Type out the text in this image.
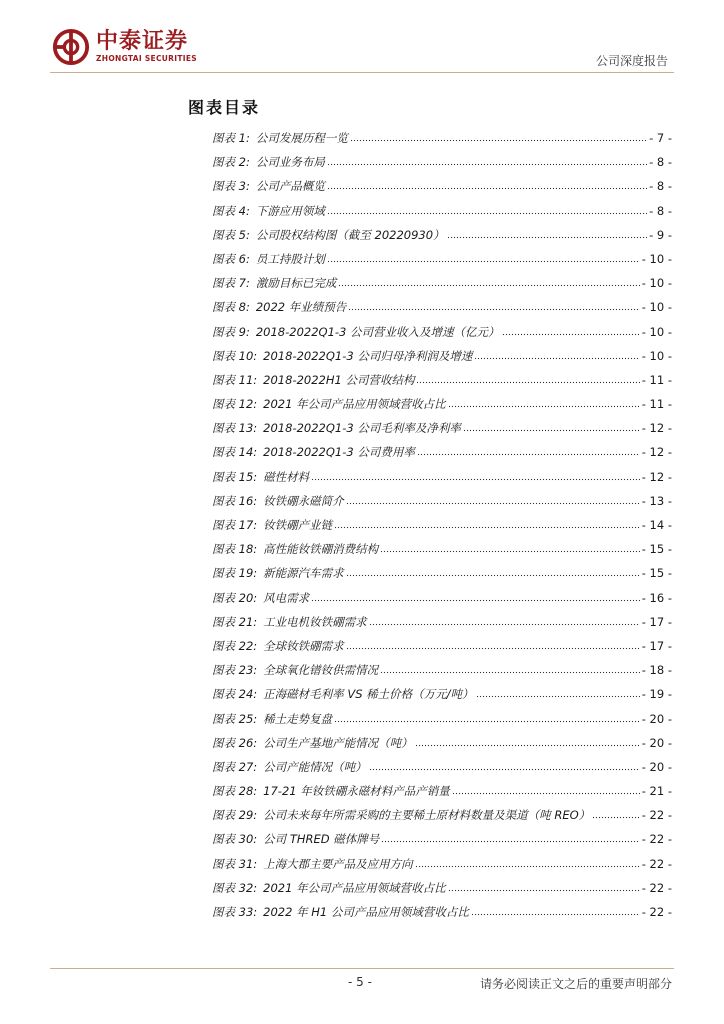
中泰证券
ZHONGTAI SECURITIES	公司深度报告
图表目录
图表 1: 公司发展历程一览	- 7 -
图表 2: 公司业务布局	- 8 -
图表 3: 公司产品概览	- 8 -
图表 4: 下游应用领域	- 8 -
图表 5: 公司股权结构图（截至 20220930）	- 9 -
图表 6: 员工持股计划	- 10 -
图表 7: 激励目标已完成	- 10 -
图表 8: 2022 年业绩预告	- 10 -
图表 9: 2018-2022Q1-3 公司营业收入及增速（亿元）	- 10 -
图表 10: 2018-2022Q1-3 公司归母净利润及增速	- 10 -
图表 11: 2018-2022H1 公司营收结构	- 11 -
图表 12: 2021 年公司产品应用领域营收占比	- 11 -
图表 13: 2018-2022Q1-3 公司毛利率及净利率	- 12 -
图表 14: 2018-2022Q1-3 公司费用率	- 12 -
图表 15: 磁性材料	- 12 -
图表 16: 钕铁硼永磁简介	- 13 -
图表 17: 钕铁硼产业链	- 14 -
图表 18: 高性能钕铁硼消费结构	- 15 -
图表 19: 新能源汽车需求	- 15 -
图表 20: 风电需求	- 16 -
图表 21: 工业电机钕铁硼需求	- 17 -
图表 22: 全球钕铁硼需求	- 17 -
图表 23: 全球氧化镨钕供需情况	- 18 -
图表 24: 正海磁材毛利率 VS 稀土价格（万元/吨）	- 19 -
图表 25: 稀土走势复盘	- 20 -
图表 26: 公司生产基地产能情况（吨）	- 20 -
图表 27: 公司产能情况（吨）	- 20 -
图表 28: 17-21 年钕铁硼永磁材料产品产销量	- 21 -
图表 29: 公司未来每年所需采购的主要稀土原材料数量及渠道（吨 REO）	- 22 -
图表 30: 公司 THRED 磁体牌号	- 22 -
图表 31: 上海大郡主要产品及应用方向	- 22 -
图表 32: 2021 年公司产品应用领域营收占比	- 22 -
图表 33: 2022 年 H1 公司产品应用领域营收占比	- 22 -
- 5 -	请务必阅读正文之后的重要声明部分
